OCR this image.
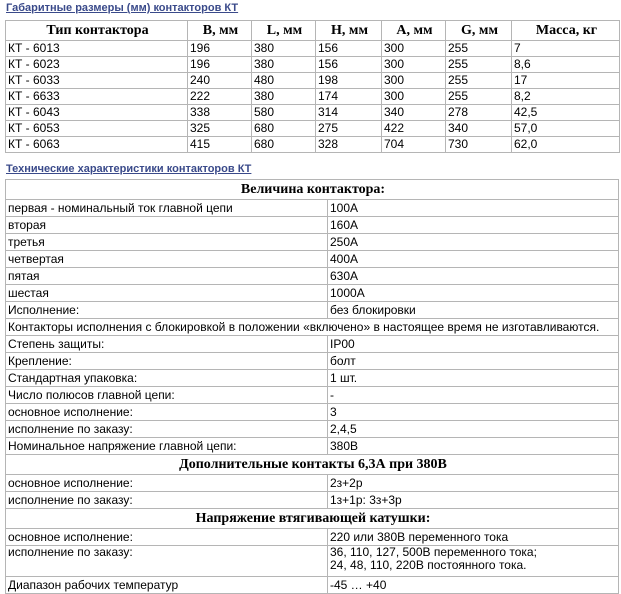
Габаритные размеры (мм) контакторов КТ
Тип контактора	B, мм	L, мм	H, мм	A, мм	G, мм	Масса, кг
КТ - 6013	196	380	156	300	255	7
КТ - 6023	196	380	156	300	255	8,6
КТ - 6033	240	480	198	300	255	17
КТ - 6633	222	380	174	300	255	8,2
КТ - 6043	338	580	314	340	278	42,5
КТ - 6053	325	680	275	422	340	57,0
КТ - 6063	415	680	328	704	730	62,0
Технические характеристики контакторов КТ
Величина контактора:	
первая - номинальный ток главной цепи	100А
вторая	160А
третья	250А
четвертая	400А
пятая	630А
шестая	1000А
Исполнение:	без блокировки
Контакторы исполнения с блокировкой в положении «включено» в настоящее время не изготавливаются.	
Степень защиты:	IP00
Крепление:	болт
Стандартная упаковка:	1 шт.
Число полюсов главной цепи:	-
основное исполнение:	3
исполнение по заказу:	2,4,5
Номинальное напряжение главной цепи:	380В
Дополнительные контакты 6,3А при 380В	
основное исполнение:	2з+2р
исполнение по заказу:	1з+1р: 3з+3р
Напряжение втягивающей катушки:	
основное исполнение:	220 или 380В переменного тока
исполнение по заказу:	36, 110, 127, 500В переменного тока;
24, 48, 110, 220В постоянного тока.

Диапазон рабочих температур	-45 … +40
